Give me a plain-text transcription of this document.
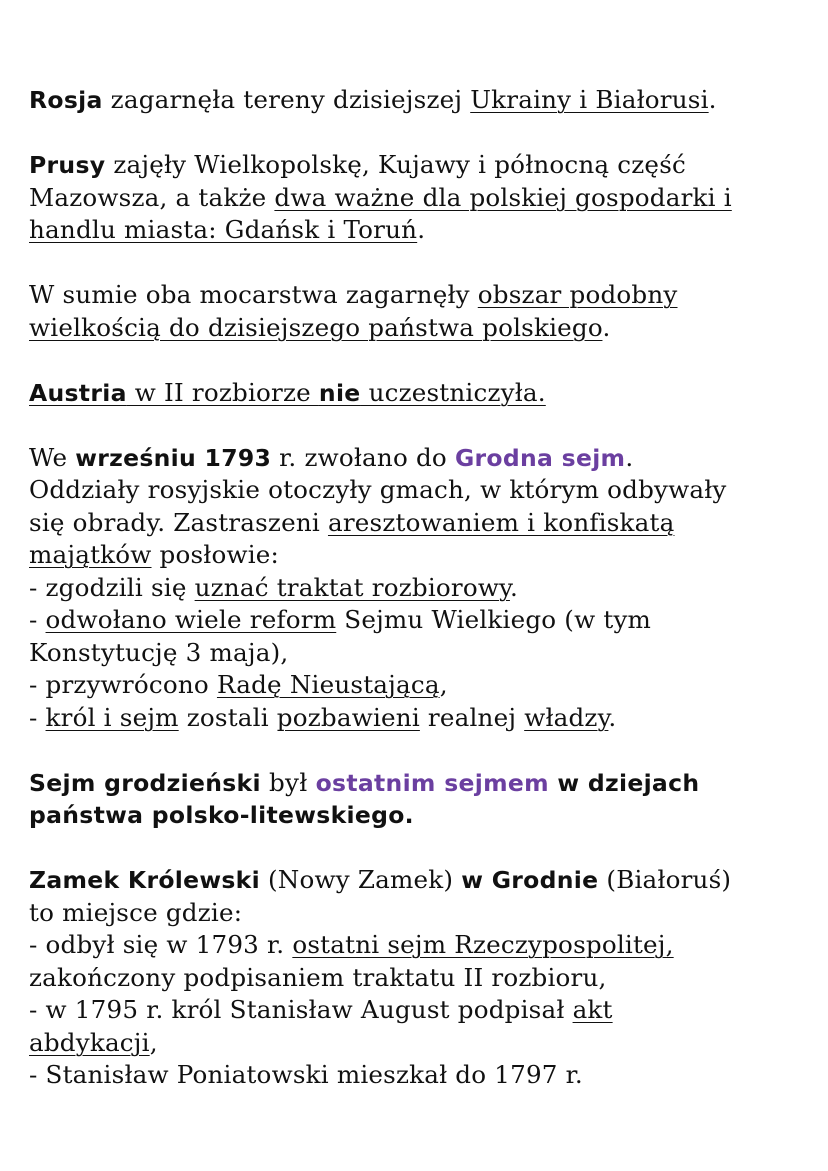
Rosja zagarnęła tereny dzisiejszej Ukrainy i Białorusi.

Prusy zajęły Wielkopolskę, Kujawy i północną część
Mazowsza, a także dwa ważne dla polskiej gospodarki i
handlu miasta: Gdańsk i Toruń.

W sumie oba mocarstwa zagarnęły obszar podobny
wielkością do dzisiejszego państwa polskiego.

Austria w II rozbiorze nie uczestniczyła.

We wrześniu 1793 r. zwołano do Grodna sejm.
Oddziały rosyjskie otoczyły gmach, w którym odbywały
się obrady. Zastraszeni aresztowaniem i konfiskatą
majątków posłowie:
- zgodzili się uznać traktat rozbiorowy.
- odwołano wiele reform Sejmu Wielkiego (w tym
Konstytucję 3 maja),
- przywrócono Radę Nieustającą,
- król i sejm zostali pozbawieni realnej władzy.

Sejm grodzieński był ostatnim sejmem w dziejach
państwa polsko-litewskiego.

Zamek Królewski (Nowy Zamek) w Grodnie (Białoruś)
to miejsce gdzie:
- odbył się w 1793 r. ostatni sejm Rzeczypospolitej,
zakończony podpisaniem traktatu II rozbioru,
- w 1795 r. król Stanisław August podpisał akt
abdykacji,
- Stanisław Poniatowski mieszkał do 1797 r.
